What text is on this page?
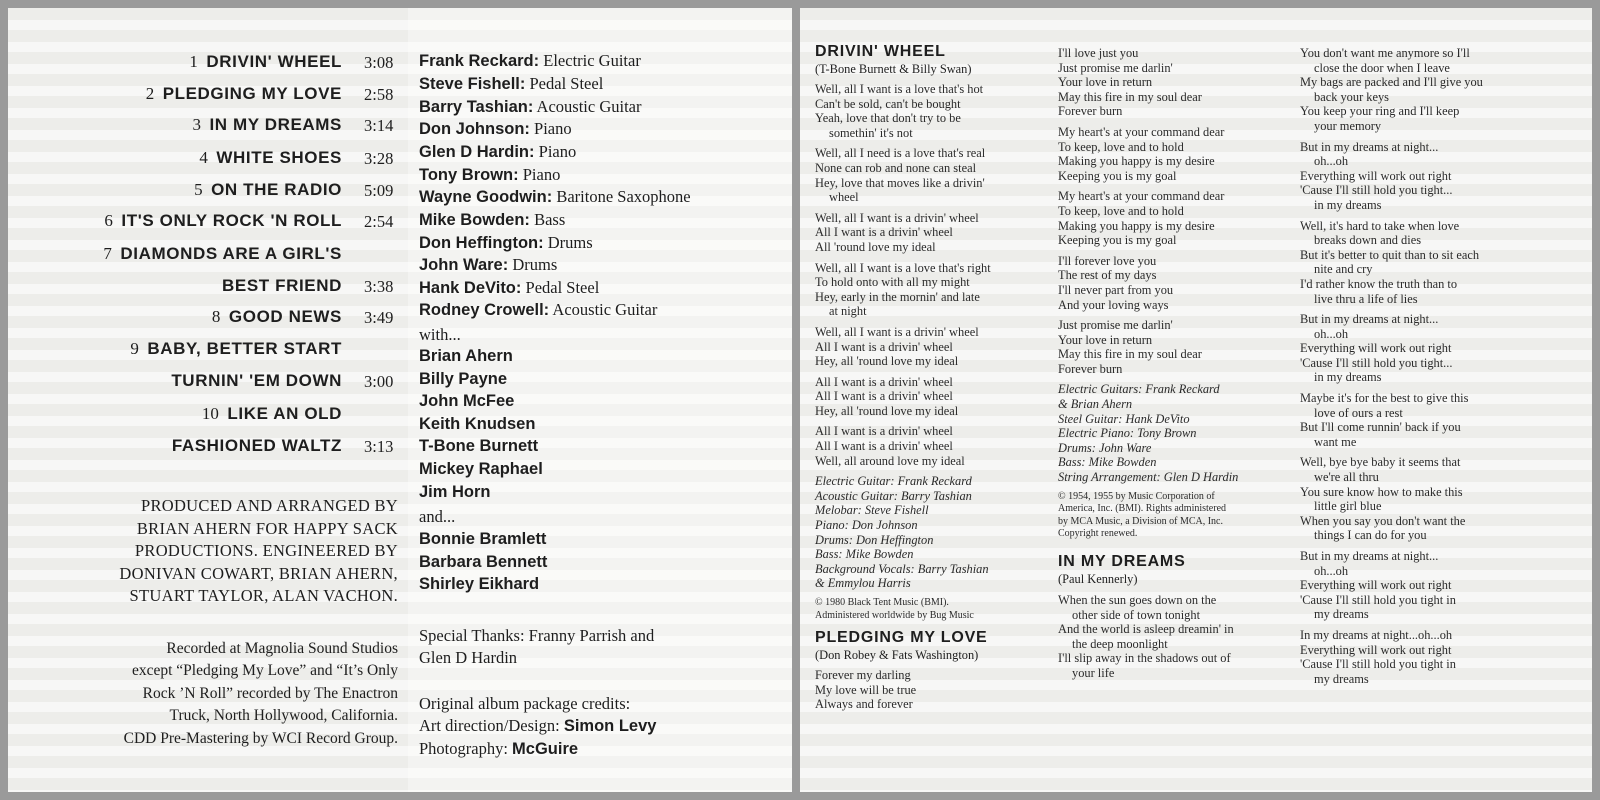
1 DRIVIN' WHEEL 3:08
2 PLEDGING MY LOVE 2:58
3 IN MY DREAMS 3:14
4 WHITE SHOES 3:28
5 ON THE RADIO 5:09
6 IT'S ONLY ROCK 'N ROLL 2:54
7 DIAMONDS ARE A GIRL'S
BEST FRIEND 3:38
8 GOOD NEWS 3:49
9 BABY, BETTER START
TURNIN' 'EM DOWN 3:00
10 LIKE AN OLD
FASHIONED WALTZ 3:13
PRODUCED AND ARRANGED BY
BRIAN AHERN FOR HAPPY SACK
PRODUCTIONS. ENGINEERED BY
DONIVAN COWART, BRIAN AHERN,
STUART TAYLOR, ALAN VACHON.
Recorded at Magnolia Sound Studios
except “Pledging My Love” and “It’s Only
Rock ’N Roll” recorded by The Enactron
Truck, North Hollywood, California.
CDD Pre-Mastering by WCI Record Group.
Frank Reckard: Electric Guitar
Steve Fishell: Pedal Steel
Barry Tashian: Acoustic Guitar
Don Johnson: Piano
Glen D Hardin: Piano
Tony Brown: Piano
Wayne Goodwin: Baritone Saxophone
Mike Bowden: Bass
Don Heffington: Drums
John Ware: Drums
Hank DeVito: Pedal Steel
Rodney Crowell: Acoustic Guitar
with...
Brian Ahern
Billy Payne
John McFee
Keith Knudsen
T-Bone Burnett
Mickey Raphael
Jim Horn
and...
Bonnie Bramlett
Barbara Bennett
Shirley Eikhard
Special Thanks: Franny Parrish and
Glen D Hardin
Original album package credits:
Art direction/Design: Simon Levy
Photography: McGuire
DRIVIN' WHEEL
(T-Bone Burnett & Billy Swan)
Well, all I want is a love that's hot
Can't be sold, can't be bought
Yeah, love that don't try to be
somethin' it's not
Well, all I need is a love that's real
None can rob and none can steal
Hey, love that moves like a drivin'
wheel
Well, all I want is a drivin' wheel
All I want is a drivin' wheel
All 'round love my ideal
Well, all I want is a love that's right
To hold onto with all my might
Hey, early in the mornin' and late
at night
Well, all I want is a drivin' wheel
All I want is a drivin' wheel
Hey, all 'round love my ideal
All I want is a drivin' wheel
All I want is a drivin' wheel
Hey, all 'round love my ideal
All I want is a drivin' wheel
All I want is a drivin' wheel
Well, all around love my ideal
Electric Guitar: Frank Reckard
Acoustic Guitar: Barry Tashian
Melobar: Steve Fishell
Piano: Don Johnson
Drums: Don Heffington
Bass: Mike Bowden
Background Vocals: Barry Tashian
& Emmylou Harris
© 1980 Black Tent Music (BMI).
Administered worldwide by Bug Music
PLEDGING MY LOVE
(Don Robey & Fats Washington)
Forever my darling
My love will be true
Always and forever
I'll love just you
Just promise me darlin'
Your love in return
May this fire in my soul dear
Forever burn
My heart's at your command dear
To keep, love and to hold
Making you happy is my desire
Keeping you is my goal
My heart's at your command dear
To keep, love and to hold
Making you happy is my desire
Keeping you is my goal
I'll forever love you
The rest of my days
I'll never part from you
And your loving ways
Just promise me darlin'
Your love in return
May this fire in my soul dear
Forever burn
Electric Guitars: Frank Reckard
& Brian Ahern
Steel Guitar: Hank DeVito
Electric Piano: Tony Brown
Drums: John Ware
Bass: Mike Bowden
String Arrangement: Glen D Hardin
© 1954, 1955 by Music Corporation of
America, Inc. (BMI). Rights administered
by MCA Music, a Division of MCA, Inc.
Copyright renewed.
IN MY DREAMS
(Paul Kennerly)
When the sun goes down on the
other side of town tonight
And the world is asleep dreamin' in
the deep moonlight
I'll slip away in the shadows out of
your life
You don't want me anymore so I'll
close the door when I leave
My bags are packed and I'll give you
back your keys
You keep your ring and I'll keep
your memory
But in my dreams at night...
oh...oh
Everything will work out right
'Cause I'll still hold you tight...
in my dreams
Well, it's hard to take when love
breaks down and dies
But it's better to quit than to sit each
nite and cry
I'd rather know the truth than to
live thru a life of lies
But in my dreams at night...
oh...oh
Everything will work out right
'Cause I'll still hold you tight...
in my dreams
Maybe it's for the best to give this
love of ours a rest
But I'll come runnin' back if you
want me
Well, bye bye baby it seems that
we're all thru
You sure know how to make this
little girl blue
When you say you don't want the
things I can do for you
But in my dreams at night...
oh...oh
Everything will work out right
'Cause I'll still hold you tight in
my dreams
In my dreams at night...oh...oh
Everything will work out right
'Cause I'll still hold you tight in
my dreams
